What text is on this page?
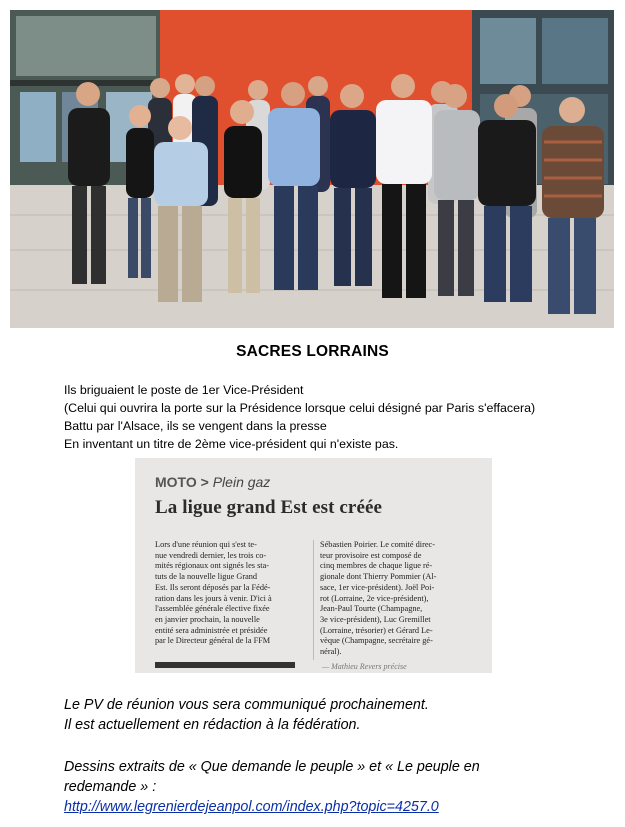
SACRES LORRAINS
Ils briguaient le poste de 1er Vice-Président
(Celui qui ouvrira la porte sur la Présidence lorsque celui désigné par Paris s'effacera)
Battu par l'Alsace, ils se vengent dans la presse
En inventant un titre de 2ème vice-président qui n'existe pas.
MOTO > Plein gaz
La ligue grand Est est créée
Lors d'une réunion qui s'est te-
nue vendredi dernier, les trois co-
mités régionaux ont signés les sta-
tuts de la nouvelle ligue Grand
Est. Ils seront déposés par la Fédé-
ration dans les jours à venir. D'ici à
l'assemblée générale élective fixée
en janvier prochain, la nouvelle
entité sera administrée et présidée
par le Directeur général de la FFM
Sébastien Poirier. Le comité direc-
teur provisoire est composé de
cinq membres de chaque ligue ré-
gionale dont Thierry Pommier (Al-
sace, 1er vice-président). Joël Poi-
rot (Lorraine, 2e vice-président),
Jean-Paul Tourte (Champagne,
3e vice-président), Luc Gremillet
(Lorraine, trésorier) et Gérard Le-
vèque (Champagne, secrétaire gé-
néral).
— Mathieu Revers précise
Le PV de réunion vous sera communiqué prochainement.
Il est actuellement en rédaction à la fédération.
Dessins extraits de « Que demande le peuple » et « Le peuple en
redemande » :
http://www.legrenierdejeanpol.com/index.php?topic=4257.0
